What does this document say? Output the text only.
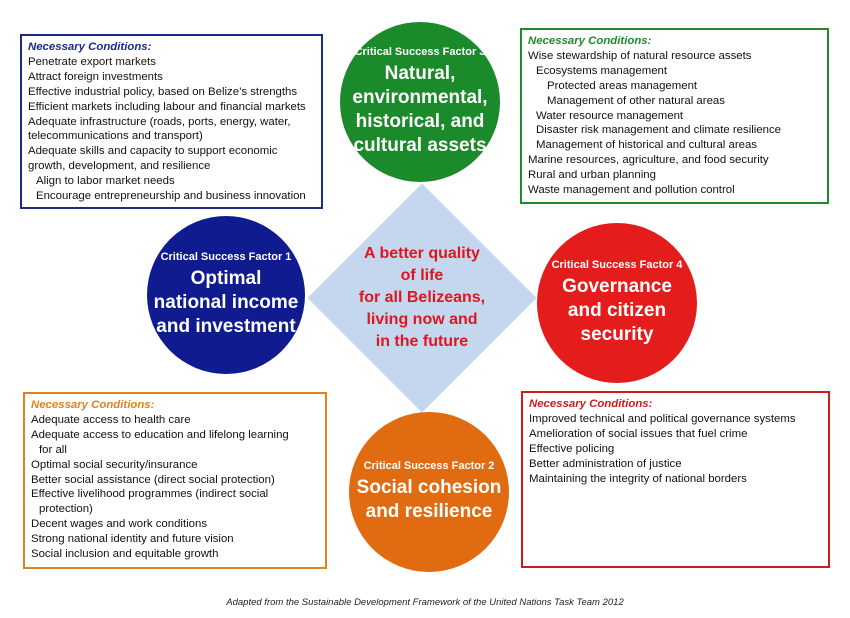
Necessary Conditions:
Penetrate export markets
Attract foreign investments
Effective industrial policy, based on Belize’s strengths
Efficient markets including labour and financial markets
Adequate infrastructure (roads, ports, energy, water,
telecommunications and transport)
Adequate skills and capacity to support economic
growth, development, and resilience
Align to labor market needs
Encourage entrepreneurship and business innovation
Necessary Conditions:
Wise stewardship of natural resource assets
Ecosystems management
Protected areas management
Management of other natural areas
Water resource management
Disaster risk management and climate resilience
Management of historical and cultural areas
Marine resources, agriculture, and food security
Rural and urban planning
Waste management and pollution control
Necessary Conditions:
Adequate access to health care
Adequate access to education and lifelong learning
for all
Optimal social security/insurance
Better social assistance (direct social protection)
Effective livelihood programmes (indirect social
protection)
Decent wages and work conditions
Strong national identity and future vision
Social inclusion and equitable growth
Necessary Conditions:
Improved technical and political governance systems
Amelioration of social issues that fuel crime
Effective policing
Better administration of justice
Maintaining the integrity of national borders
A better quality
of life
for all Belizeans,
living now and
in the future
Critical Success Factor 3
Natural,
environmental,
historical, and
cultural assets
Critical Success Factor 1
Optimal
national income
and investment
Critical Success Factor 4
Governance
and citizen
security
Critical Success Factor 2
Social cohesion
and resilience
Adapted from the Sustainable Development Framework of the United Nations Task Team 2012
